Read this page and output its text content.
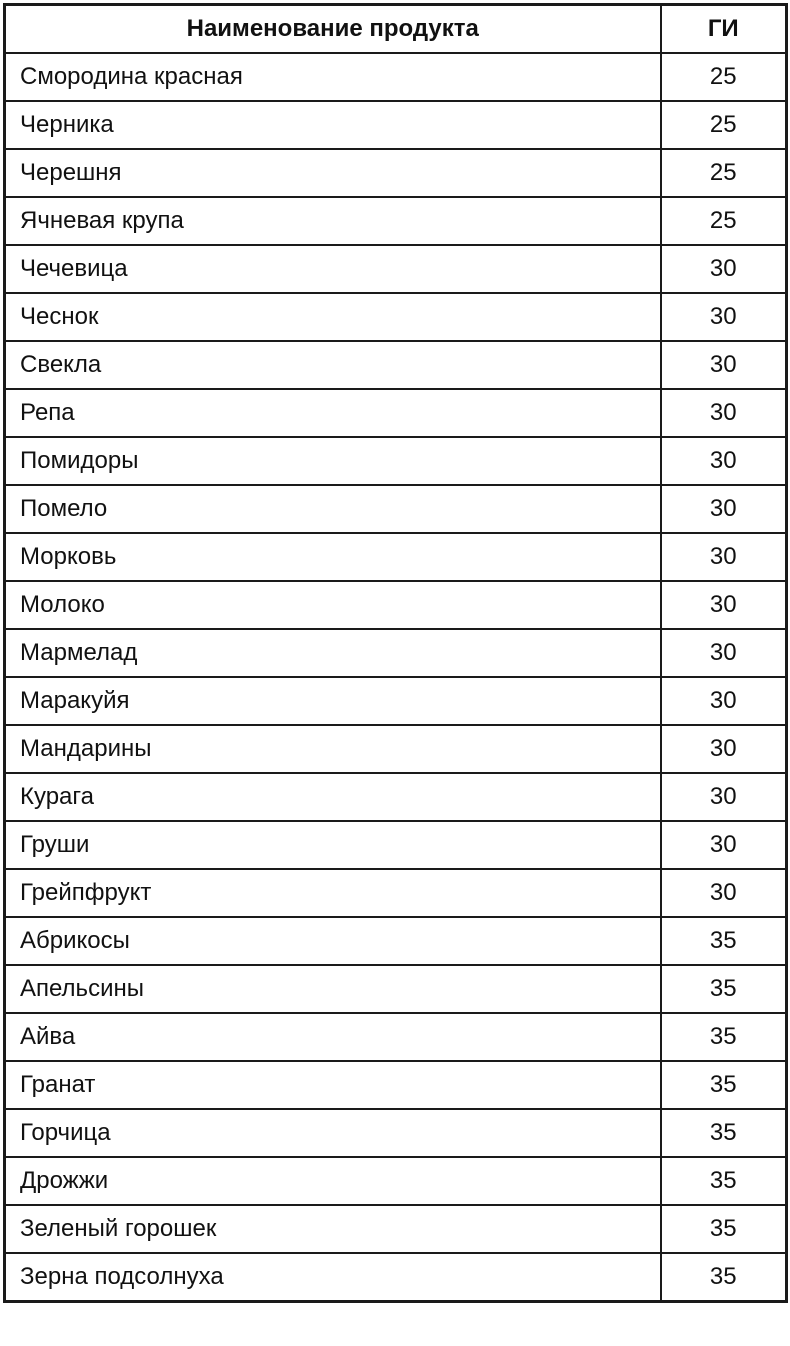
Наименование продукта	ГИ
Смородина красная	25
Черника	25
Черешня	25
Ячневая крупа	25
Чечевица	30
Чеснок	30
Свекла	30
Репа	30
Помидоры	30
Помело	30
Морковь	30
Молоко	30
Мармелад	30
Маракуйя	30
Мандарины	30
Курага	30
Груши	30
Грейпфрукт	30
Абрикосы	35
Апельсины	35
Айва	35
Гранат	35
Горчица	35
Дрожжи	35
Зеленый горошек	35
Зерна подсолнуха	35
